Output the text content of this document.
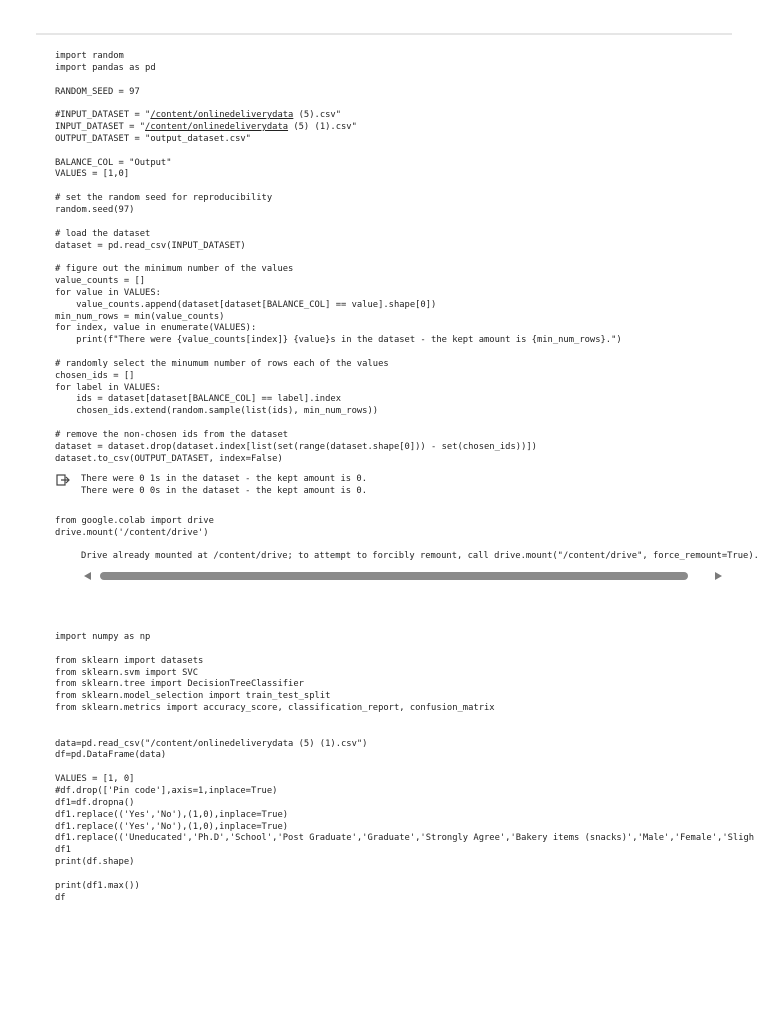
import random
import pandas as pd

RANDOM_SEED = 97

#INPUT_DATASET = "/content/onlinedeliverydata (5).csv"
INPUT_DATASET = "/content/onlinedeliverydata (5) (1).csv"
OUTPUT_DATASET = "output_dataset.csv"

BALANCE_COL = "Output"
VALUES = [1,0]

# set the random seed for reproducibility
random.seed(97)

# load the dataset
dataset = pd.read_csv(INPUT_DATASET)

# figure out the minimum number of the values
value_counts = []
for value in VALUES:
value_counts.append(dataset[dataset[BALANCE_COL] == value].shape[0])
min_num_rows = min(value_counts)
for index, value in enumerate(VALUES):
print(f"There were {value_counts[index]} {value}s in the dataset - the kept amount is {min_num_rows}.")

# randomly select the minumum number of rows each of the values
chosen_ids = []
for label in VALUES:
ids = dataset[dataset[BALANCE_COL] == label].index
chosen_ids.extend(random.sample(list(ids), min_num_rows))

# remove the non-chosen ids from the dataset
dataset = dataset.drop(dataset.index[list(set(range(dataset.shape[0])) - set(chosen_ids))])
dataset.to_csv(OUTPUT_DATASET, index=False)
There were 0 1s in the dataset - the kept amount is 0.
There were 0 0s in the dataset - the kept amount is 0.
from google.colab import drive
drive.mount('/content/drive')
Drive already mounted at /content/drive; to attempt to forcibly remount, call drive.mount("/content/drive", force_remount=True).
import numpy as np

from sklearn import datasets
from sklearn.svm import SVC
from sklearn.tree import DecisionTreeClassifier
from sklearn.model_selection import train_test_split
from sklearn.metrics import accuracy_score, classification_report, confusion_matrix

data=pd.read_csv("/content/onlinedeliverydata (5) (1).csv")
df=pd.DataFrame(data)

VALUES = [1, 0]
#df.drop(['Pin code'],axis=1,inplace=True)
df1=df.dropna()
df1.replace(('Yes','No'),(1,0),inplace=True)
df1.replace(('Yes','No'),(1,0),inplace=True)
df1.replace(('Uneducated','Ph.D','School','Post Graduate','Graduate','Strongly Agree','Bakery items (snacks)','Male','Female','Sligh
df1
print(df.shape)

print(df1.max())
df
